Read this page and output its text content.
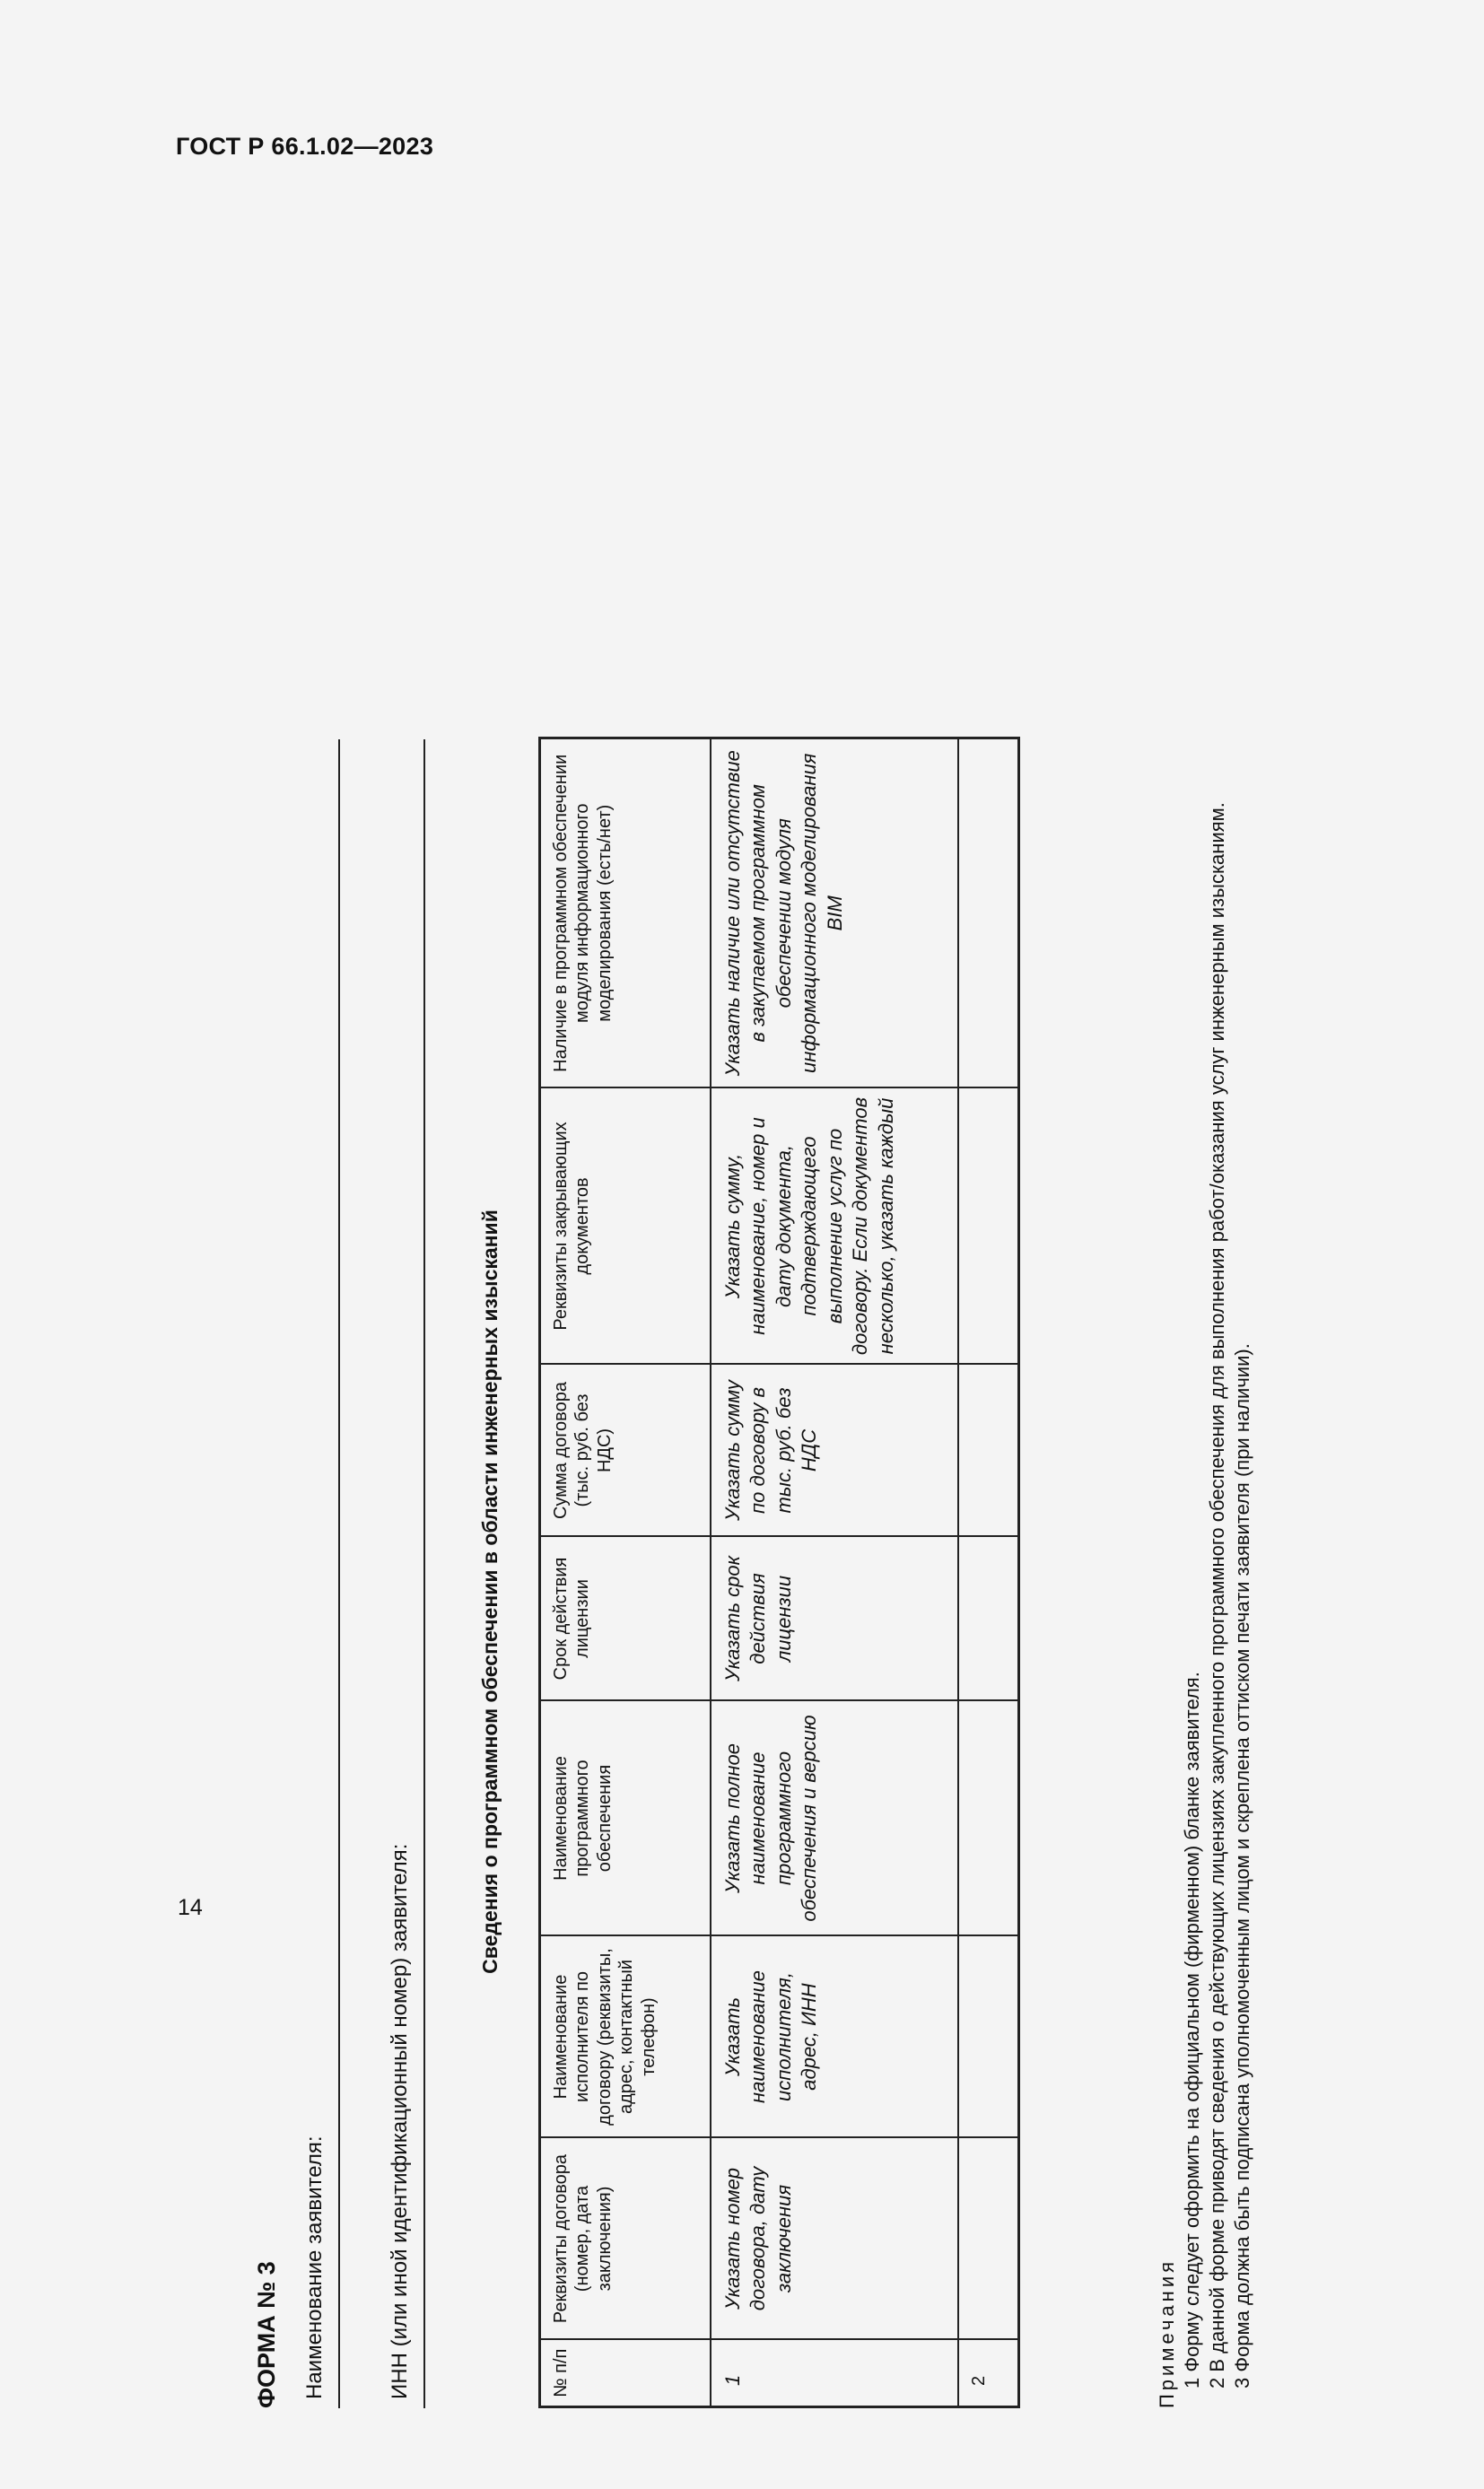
ГОСТ Р 66.1.02—2023
14
ФОРМА № 3 Наименование заявителя:	ИНН (или иной идентификационный номер) заявителя:
Сведения о программном обеспечении в области инженерных изысканий
№ п/п	Реквизиты договора (номер, дата заключения)	Наименование исполнителя по договору (реквизиты, адрес, контактный телефон)	Наименование программного обеспечения	Срок действия лицензии	Сумма договора (тыс. руб. без НДС)	Реквизиты закрывающих документов	Наличие в программном обеспечении модуля информационного моделирования (есть/нет)
1	Указать номер договора, дату заключения	Указать наименование исполнителя, адрес, ИНН	Указать полное наименование программного обеспечения и версию	Указать срок действия лицензии	Указать сумму по договору в тыс. руб. без НДС	Указать сумму, наименование, номер и дату документа, подтверждающего выполнение услуг по договору. Если документов несколько, указать каждый	Указать наличие или отсутствие в закупаемом программном обеспечении модуля информационного моделирования BIM
2								Примечания 1 Форму следует оформить на официальном (фирменном) бланке заявителя. 2 В данной форме приводят сведения о действующих лицензиях закупленного программного обеспечения для выполнения работ/оказания услуг инженерным изысканиям. 3 Форма должна быть подписана уполномоченным лицом и скреплена оттиском печати заявителя (при наличии).
